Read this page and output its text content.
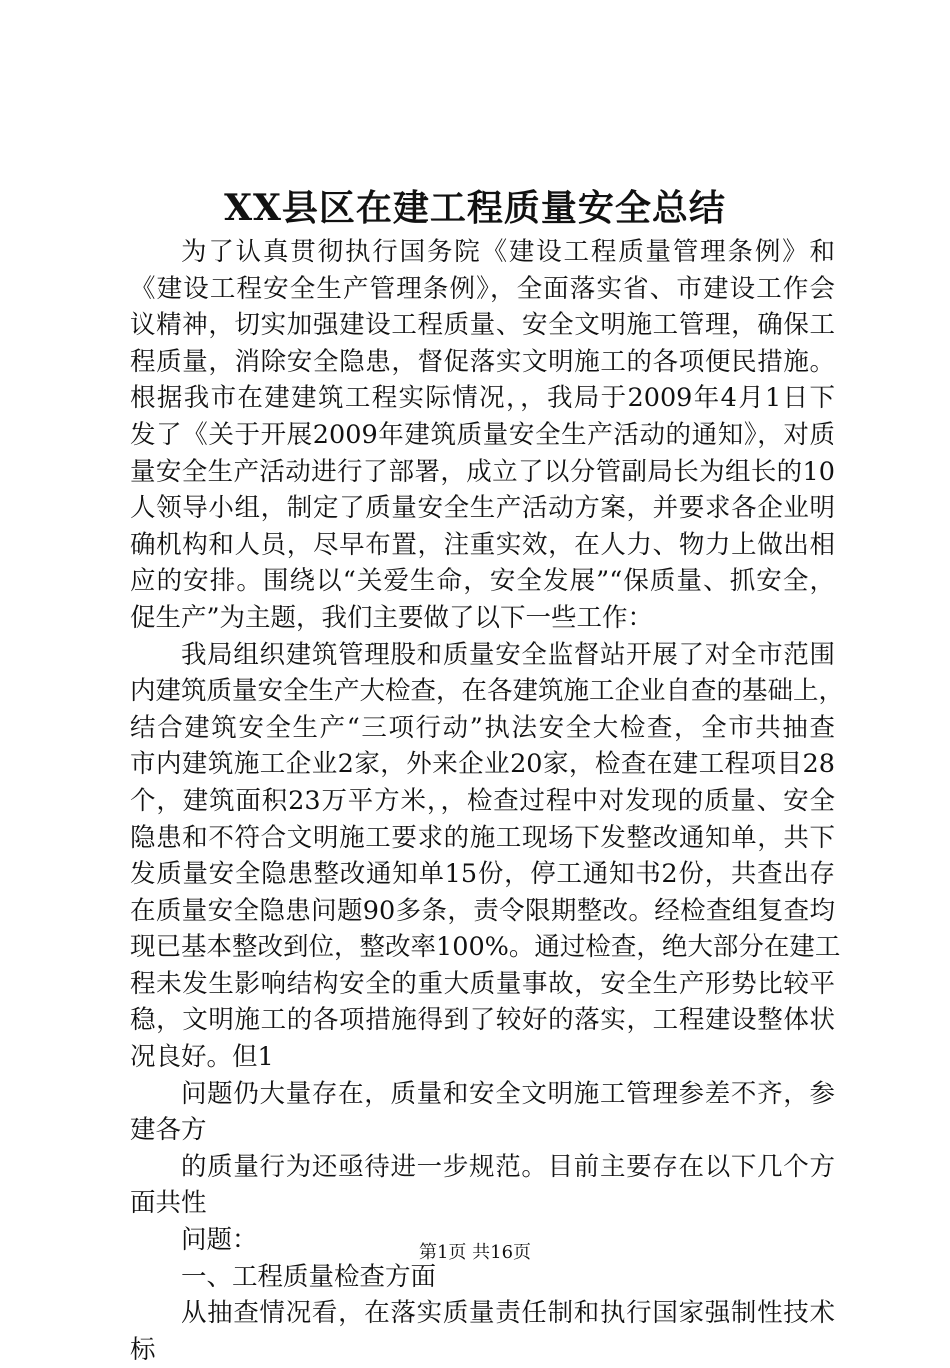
XX县区在建工程质量安全总结
为了认真贯彻执行国务院《建设工程质量管理条例》和
《建设工程安全生产管理条例》，全面落实省、市建设工作会
议精神，切实加强建设工程质量、安全文明施工管理，确保工
程质量，消除安全隐患，督促落实文明施工的各项便民措施。
根据我市在建建筑工程实际情况，，我局于2009年4月1日下
发了《关于开展2009年建筑质量安全生产活动的通知》，对质
量安全生产活动进行了部署，成立了以分管副局长为组长的10
人领导小组，制定了质量安全生产活动方案，并要求各企业明
确机构和人员，尽早布置，注重实效，在人力、物力上做出相
应的安排。围绕以“关爱生命，安全发展”“保质量、抓安全，
促生产”为主题，我们主要做了以下一些工作：
我局组织建筑管理股和质量安全监督站开展了对全市范围
内建筑质量安全生产大检查，在各建筑施工企业自查的基础上，
结合建筑安全生产“三项行动”执法安全大检查，全市共抽查
市内建筑施工企业2家，外来企业20家，检查在建工程项目28
个，建筑面积23万平方米，，检查过程中对发现的质量、安全
隐患和不符合文明施工要求的施工现场下发整改通知单，共下
发质量安全隐患整改通知单15份，停工通知书2份，共查出存
在质量安全隐患问题90多条，责令限期整改。经检查组复查均
现已基本整改到位，整改率100%。通过检查，绝大部分在建工
程未发生影响结构安全的重大质量事故，安全生产形势比较平
稳，文明施工的各项措施得到了较好的落实，工程建设整体状
况良好。但1
问题仍大量存在，质量和安全文明施工管理参差不齐，参
建各方
的质量行为还亟待进一步规范。目前主要存在以下几个方
面共性
问题：
一、工程质量检查方面
从抽查情况看，在落实质量责任制和执行国家强制性技术
标
第1页 共16页
